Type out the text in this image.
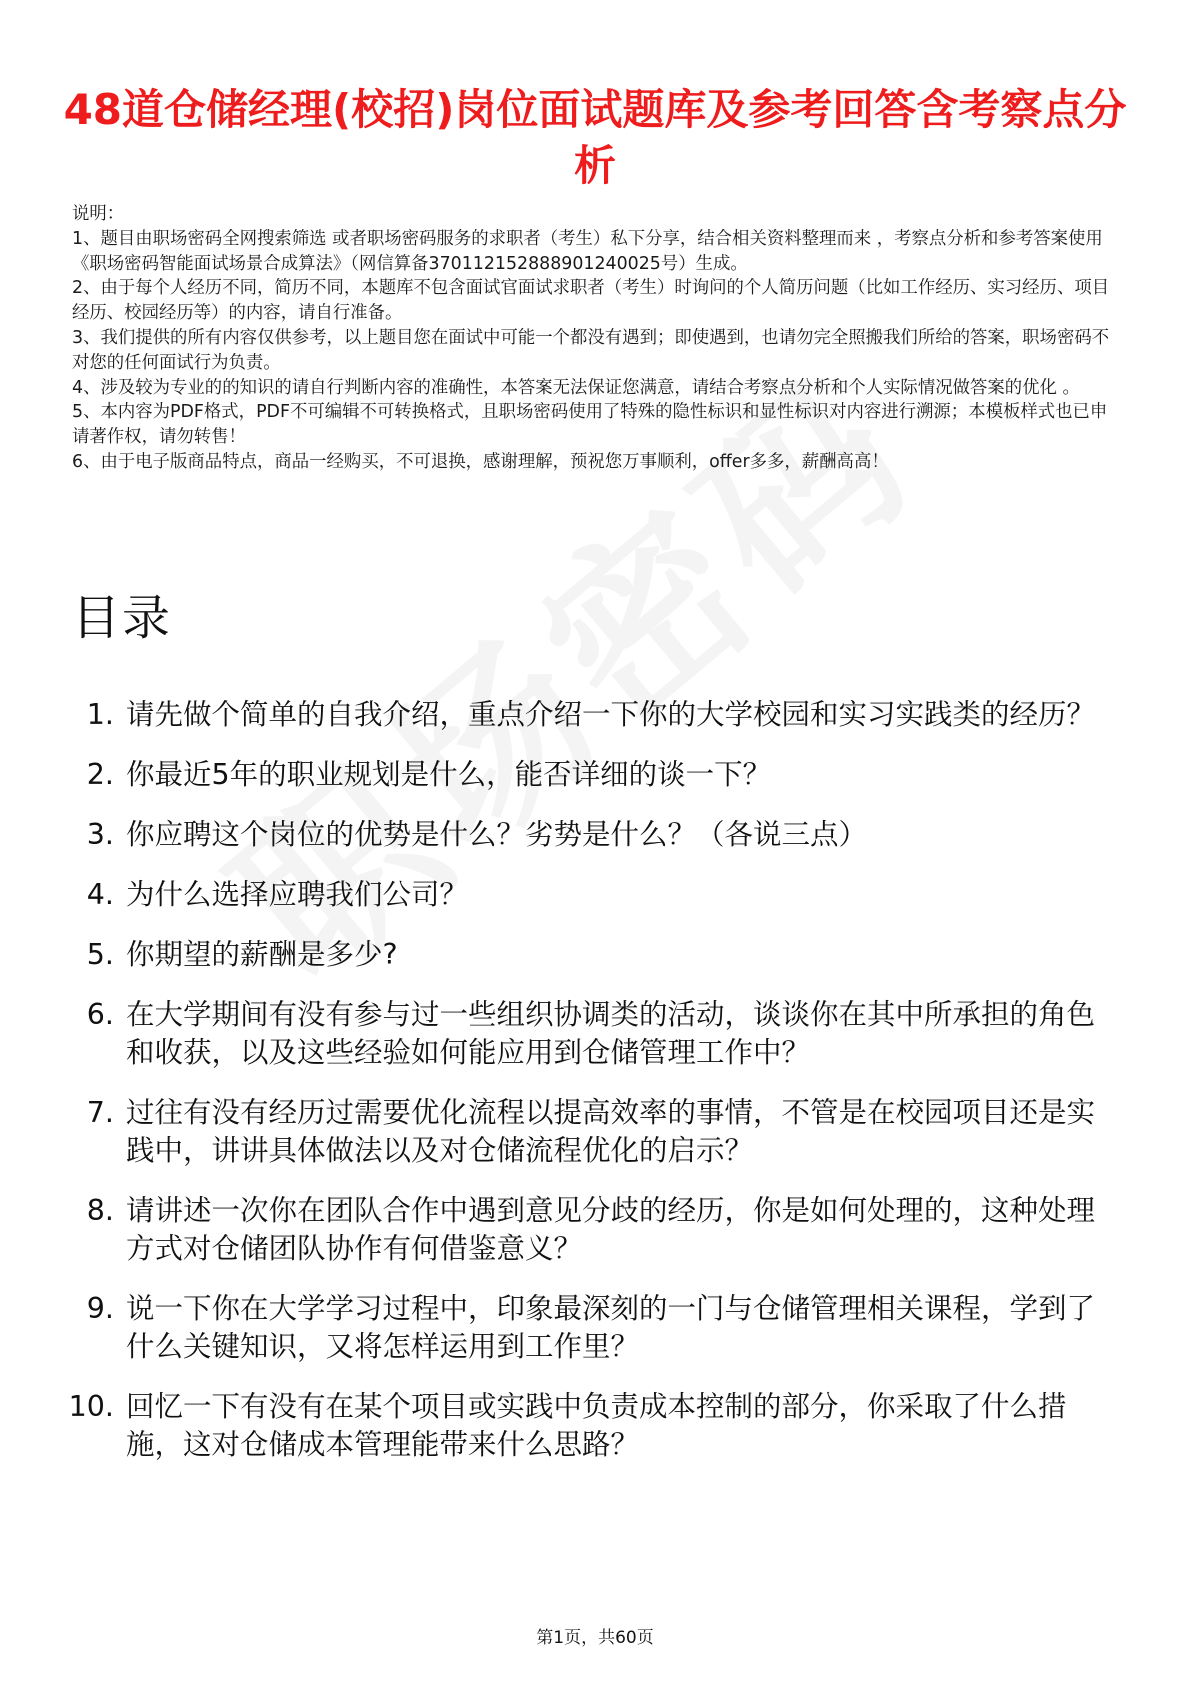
48道仓储经理(校招)岗位面试题库及参考回答含考察点分析

说明：

1、题目由职场密码全网搜索筛选 或者职场密码服务的求职者（考生）私下分享，结合相关资料整理而来 ，考察点分析和参考答案使用《职场密码智能面试场景合成算法》（网信算备370112152888901240025号）生成。

2、由于每个人经历不同，简历不同，本题库不包含面试官面试求职者（考生）时询问的个人简历问题（比如工作经历、实习经历、项目经历、校园经历等）的内容，请自行准备。

3、我们提供的所有内容仅供参考，以上题目您在面试中可能一个都没有遇到；即使遇到，也请勿完全照搬我们所给的答案，职场密码不对您的任何面试行为负责。

4、涉及较为专业的的知识的请自行判断内容的准确性，本答案无法保证您满意，请结合考察点分析和个人实际情况做答案的优化 。

5、本内容为PDF格式，PDF不可编辑不可转换格式，且职场密码使用了特殊的隐性标识和显性标识对内容进行溯源；本模板样式也已申请著作权，请勿转售！

6、由于电子版商品特点，商品一经购买，不可退换，感谢理解，预祝您万事顺利，offer多多，薪酬高高！

目录
1. 请先做个简单的自我介绍，重点介绍一下你的大学校园和实习实践类的经历？
2. 你最近5年的职业规划是什么，能否详细的谈一下？
3. 你应聘这个岗位的优势是什么？劣势是什么？（各说三点）
4. 为什么选择应聘我们公司？
5. 你期望的薪酬是多少?
6. 在大学期间有没有参与过一些组织协调类的活动，谈谈你在其中所承担的角色和收获，以及这些经验如何能应用到仓储管理工作中？
7. 过往有没有经历过需要优化流程以提高效率的事情，不管是在校园项目还是实践中，讲讲具体做法以及对仓储流程优化的启示？
8. 请讲述一次你在团队合作中遇到意见分歧的经历，你是如何处理的，这种处理方式对仓储团队协作有何借鉴意义？
9. 说一下你在大学学习过程中，印象最深刻的一门与仓储管理相关课程，学到了什么关键知识，又将怎样运用到工作里？
10. 回忆一下有没有在某个项目或实践中负责成本控制的部分，你采取了什么措施，这对仓储成本管理能带来什么思路？
第1页，共60页
